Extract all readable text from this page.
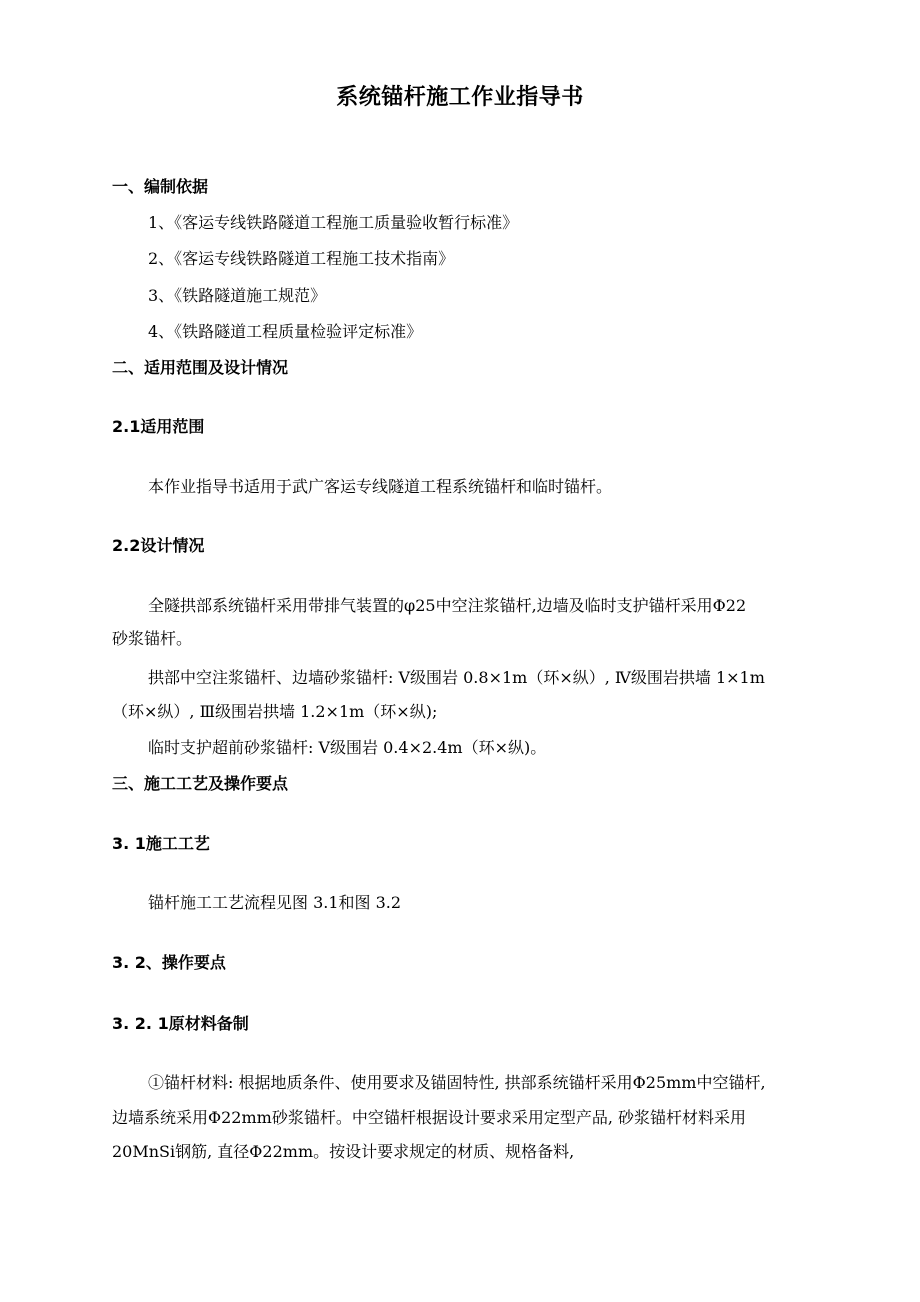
系统锚杆施工作业指导书
一、编制依据
1、《客运专线铁路隧道工程施工质量验收暂行标准》
2、《客运专线铁路隧道工程施工技术指南》
3、《铁路隧道施工规范》
4、《铁路隧道工程质量检验评定标准》
二、适用范围及设计情况
2.1适用范围
本作业指导书适用于武广客运专线隧道工程系统锚杆和临时锚杆。
2.2设计情况
全隧拱部系统锚杆采用带排气装置的φ25中空注浆锚杆,边墙及临时支护锚杆采用Φ22
砂浆锚杆。
拱部中空注浆锚杆、边墙砂浆锚杆: Ⅴ级围岩 0.8×1m（环×纵）, Ⅳ级围岩拱墙 1×1m
（环×纵）, Ⅲ级围岩拱墙 1.2×1m（环×纵);
临时支护超前砂浆锚杆: Ⅴ级围岩 0.4×2.4m（环×纵)。
三、施工工艺及操作要点
3. 1施工工艺
锚杆施工工艺流程见图 3.1和图 3.2
3. 2、操作要点
3. 2. 1原材料备制
①锚杆材料: 根据地质条件、使用要求及锚固特性, 拱部系统锚杆采用Φ25mm中空锚杆,
边墙系统采用Φ22mm砂浆锚杆。中空锚杆根据设计要求采用定型产品, 砂浆锚杆材料采用
20MnSi钢筋, 直径Φ22mm。按设计要求规定的材质、规格备料,
